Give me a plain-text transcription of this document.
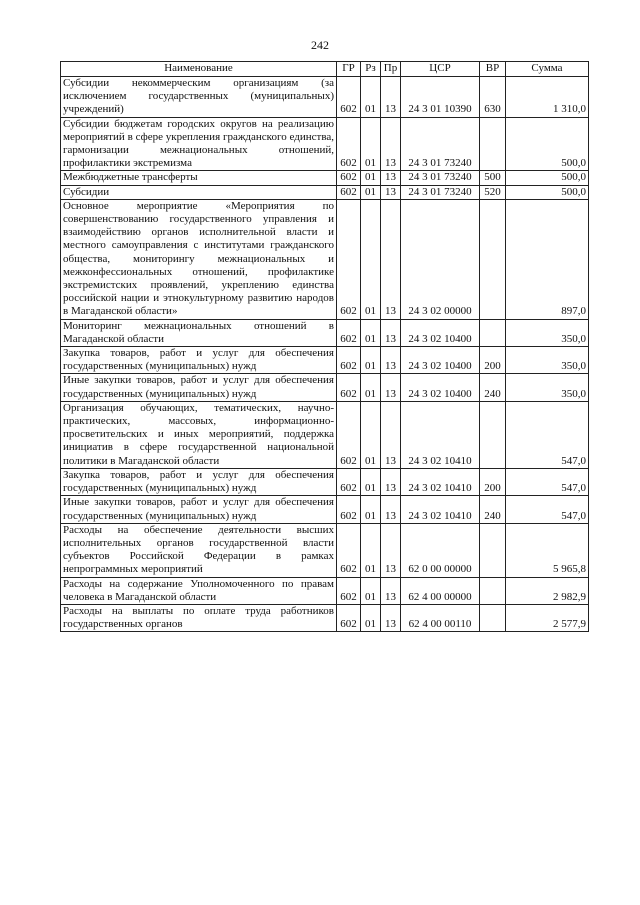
242
Наименование	ГР	Рз	Пр	ЦСР	ВР	Сумма
Субсидии некоммерческим организациям (за исключением государственных (муниципальных) учреждений)	602	01	13	24 3 01 10390	630	1 310,0
Субсидии бюджетам городских округов на реализацию мероприятий в сфере укрепления гражданского единства, гармонизации межнациональных отношений, профилактики экстремизма	602	01	13	24 3 01 73240		500,0
Межбюджетные трансферты	602	01	13	24 3 01 73240	500	500,0
Субсидии	602	01	13	24 3 01 73240	520	500,0
Основное мероприятие «Мероприятия по совершенствованию государственного управления и взаимодействию органов исполнительной власти и местного самоуправления с институтами гражданского общества, мониторингу межнациональных и межконфессиональных отношений, профилактике экстремистских проявлений, укреплению единства российской нации и этнокультурному развитию народов в Магаданской области»	602	01	13	24 3 02 00000		897,0
Мониторинг межнациональных отношений в Магаданской области	602	01	13	24 3 02 10400		350,0
Закупка товаров, работ и услуг для обеспечения государственных (муниципальных) нужд	602	01	13	24 3 02 10400	200	350,0
Иные закупки товаров, работ и услуг для обеспечения государственных (муниципальных) нужд	602	01	13	24 3 02 10400	240	350,0
Организация обучающих, тематических, научно-практических, массовых, информационно-просветительских и иных мероприятий, поддержка инициатив в сфере государственной национальной политики в Магаданской области	602	01	13	24 3 02 10410		547,0
Закупка товаров, работ и услуг для обеспечения государственных (муниципальных) нужд	602	01	13	24 3 02 10410	200	547,0
Иные закупки товаров, работ и услуг для обеспечения государственных (муниципальных) нужд	602	01	13	24 3 02 10410	240	547,0
Расходы на обеспечение деятельности высших исполнительных органов государственной власти субъектов Российской Федерации в рамках непрограммных мероприятий	602	01	13	62 0 00 00000		5 965,8
Расходы на содержание Уполномоченного по правам человека в Магаданской области	602	01	13	62 4 00 00000		2 982,9
Расходы на выплаты по оплате труда работников государственных органов	602	01	13	62 4 00 00110		2 577,9
